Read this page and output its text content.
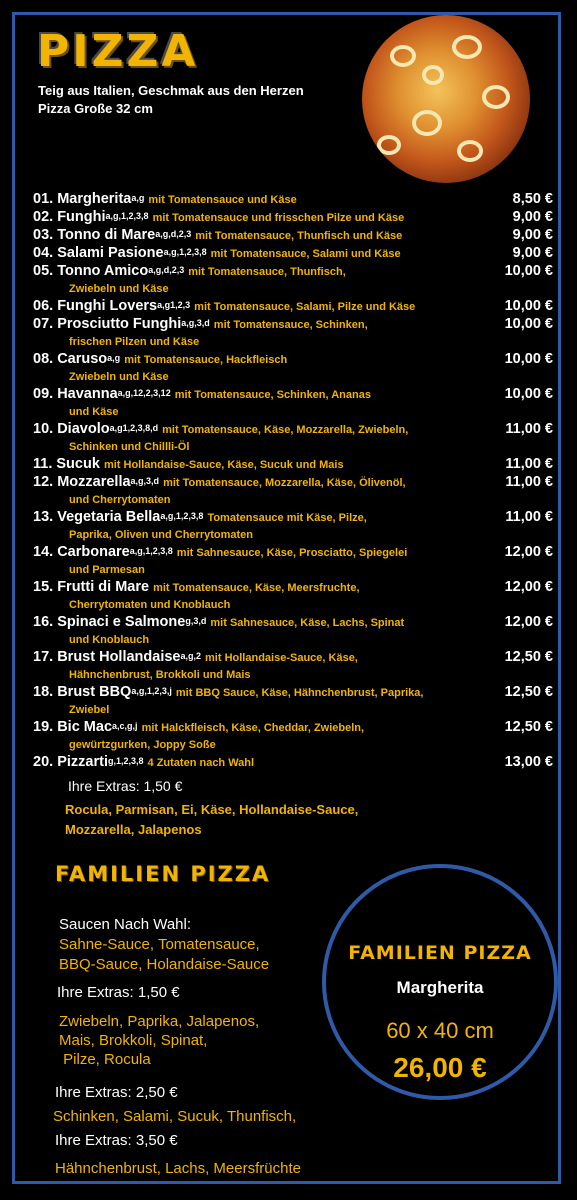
PIZZA
Teig aus Italien, Geschmak aus den Herzen
Pizza Große 32 cm
01. Margherita$^{a,g}$ mit Tomatensauce und Käse	8,50 €
02. Funghi$^{a,g,1,2,3,8}$ mit Tomatensauce und frisschen Pilze und Käse	9,00 €
03. Tonno di Mare$^{a,g,d,2,3}$ mit Tomatensauce, Thunfisch und Käse	9,00 €
04. Salami Pasione$^{a,g,1,2,3,8}$ mit Tomatensauce, Salami und Käse	9,00 €
05. Tonno Amico$^{a,g,d,2,3}$ mit Tomatensauce, Thunfisch,	10,00 €
Zwiebeln und Käse
06. Funghi Lovers$^{a,g1,2,3}$ mit Tomatensauce, Salami, Pilze und Käse	10,00 €
07. Prosciutto Funghi$^{a,g,3,d}$ mit Tomatensauce, Schinken,	10,00 €
frischen Pilzen und Käse
08. Caruso$^{a,g}$ mit Tomatensauce, Hackfleisch	10,00 €
Zwiebeln und Käse
09. Havanna$^{a,g,12,2,3,12}$ mit Tomatensauce, Schinken, Ananas	10,00 €
und Käse
10. Diavolo$^{a,g1,2,3,8,d}$ mit Tomatensauce, Käse, Mozzarella, Zwiebeln,	11,00 €
Schinken und Chillli-Öl
11. Sucuk mit Hollandaise-Sauce, Käse, Sucuk und Mais	11,00 €
12. Mozzarella$^{a,g,3,d}$ mit Tomatensauce, Mozzarella, Käse, Ölivenöl,	11,00 €
und Cherrytomaten
13. Vegetaria Bella$^{a,g,1,2,3,8}$ Tomatensauce mit Käse, Pilze,	11,00 €
Paprika, Oliven und Cherrytomaten
14. Carbonare$^{a,g,1,2,3,8}$ mit Sahnesauce, Käse, Prosciatto, Spiegelei	12,00 €
und Parmesan
15. Frutti di Mare mit Tomatensauce, Käse, Meersfruchte,	12,00 €
Cherrytomaten und Knoblauch
16. Spinaci e Salmone$^{g,3,d}$ mit Sahnesauce, Käse, Lachs, Spinat	12,00 €
und Knoblauch
17. Brust Hollandaise$^{a,g,2}$ mit Hollandaise-Sauce, Käse,	12,50 €
Hähnchenbrust, Brokkoli und Mais
18. Brust BBQ$^{a,g,1,2,3,j}$ mit BBQ Sauce, Käse, Hähnchenbrust, Paprika,	12,50 €
Zwiebel
19. Bic Mac$^{a,c,g,j}$ mit Halckfleisch, Käse, Cheddar, Zwiebeln,	12,50 €
gewürtzgurken, Joppy Soße
20. Pizzarti$^{g,1,2,3,8}$ 4 Zutaten nach Wahl	13,00 €
Ihre Extras: 1,50 €
Rocula, Parmisan, Ei, Käse, Hollandaise-Sauce,
Mozzarella, Jalapenos
FAMILIEN PIZZA
Saucen Nach Wahl:
Sahne-Sauce, Tomatensauce,
BBQ-Sauce, Holandaise-Sauce
Ihre Extras: 1,50 €
Zwiebeln, Paprika, Jalapenos,
Mais, Brokkoli, Spinat,
Pilze, Rocula
Ihre Extras: 2,50 €
Schinken, Salami, Sucuk, Thunfisch,
Ihre Extras: 3,50 €
Hähnchenbrust, Lachs, Meersfrüchte
FAMILIEN PIZZA
Margherita
60 x 40 cm
26,00 €
